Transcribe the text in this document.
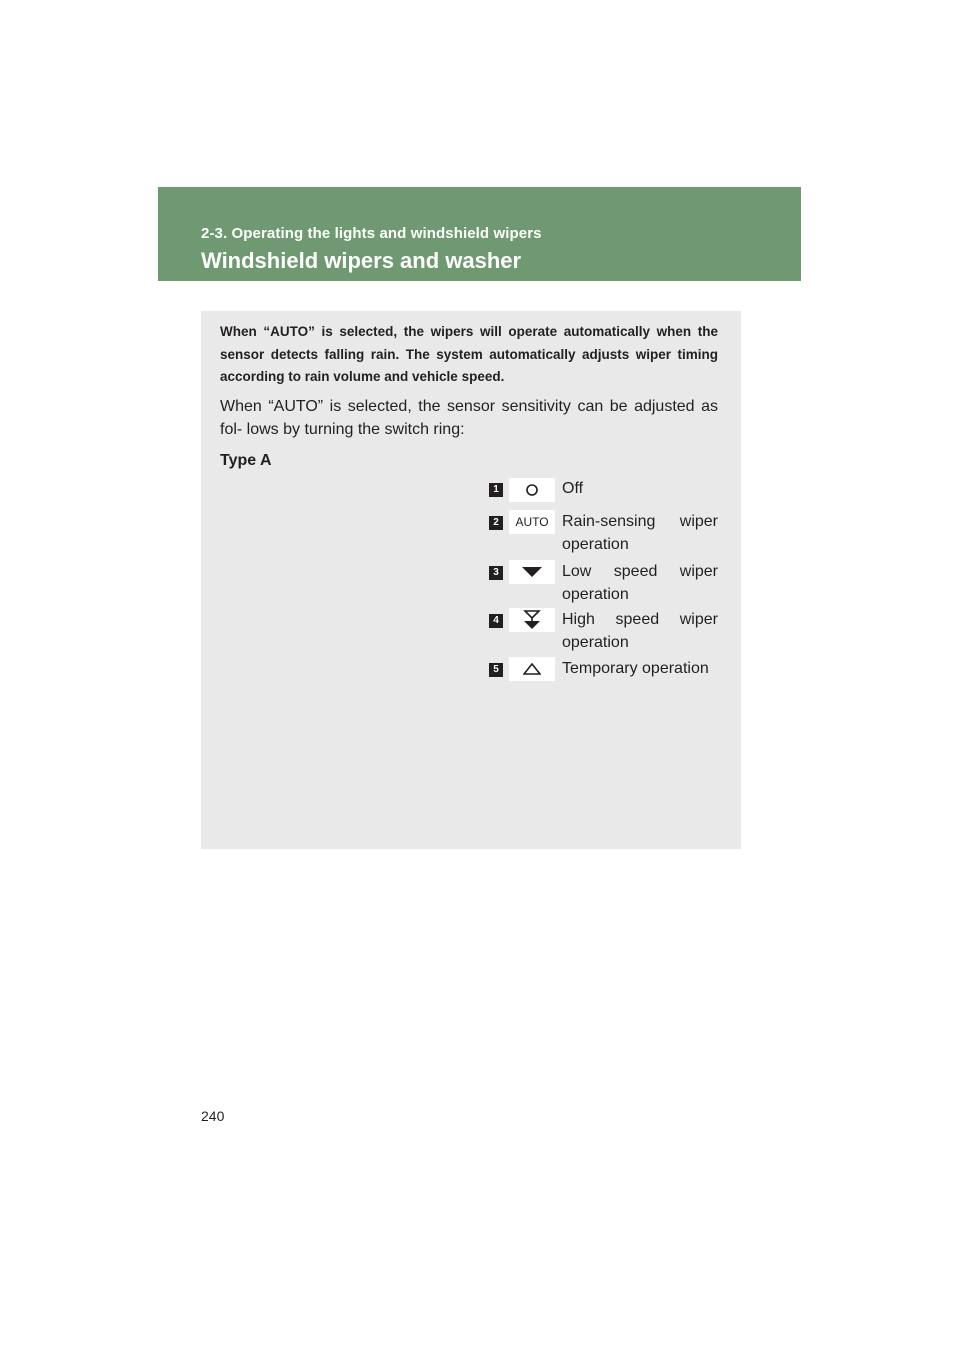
2-3. Operating the lights and windshield wipers
Windshield wipers and washer

When “AUTO” is selected, the wipers will operate automatically when the sensor detects falling rain. The system automatically adjusts wiper timing according to rain volume and vehicle speed.

When “AUTO” is selected, the sensor sensitivity can be adjusted as fol- lows by turning the switch ring:

Type A
1	Off
2	AUTO Rain-sensing wiper
operation
3	Low speed wiper
operation
4	High speed wiper
operation
5	Temporary operation
240
